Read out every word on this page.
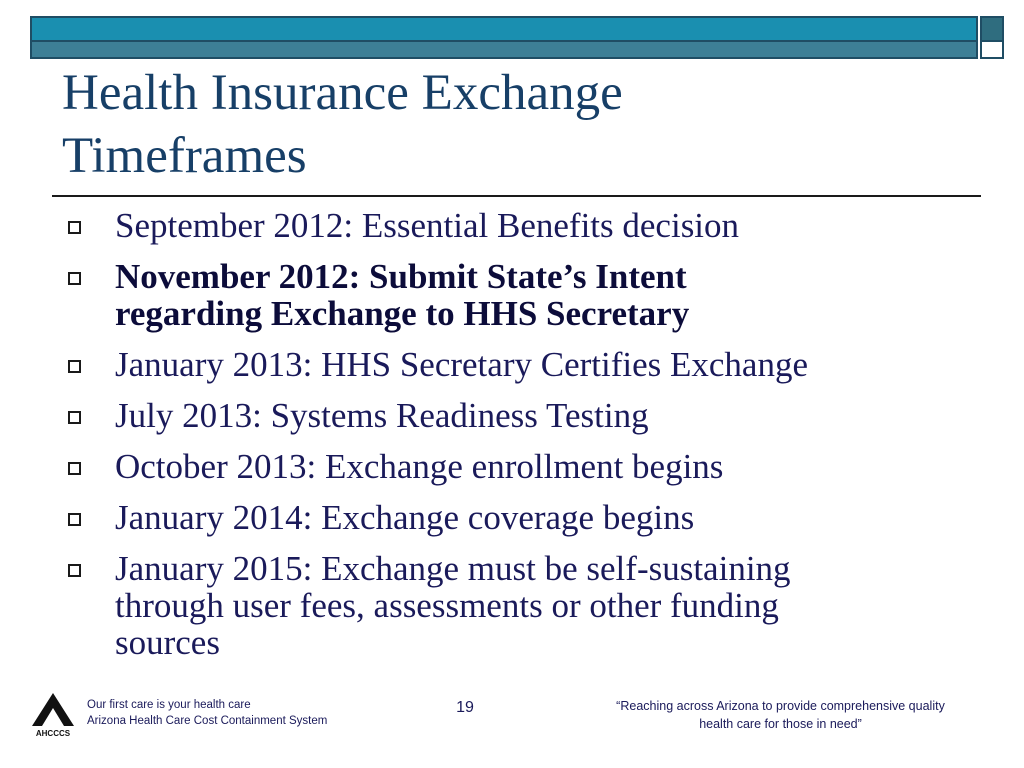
Health Insurance Exchange
Timeframes
September 2012: Essential Benefits decision
November 2012: Submit State’s Intent
regarding Exchange to HHS Secretary
January 2013: HHS Secretary Certifies Exchange
July 2013: Systems Readiness Testing
October 2013: Exchange enrollment begins
January 2014: Exchange coverage begins
January 2015: Exchange must be self-sustaining
through user fees, assessments or other funding
sources
AHCCCS
Our first care is your health care
Arizona Health Care Cost Containment System
19	“Reaching across Arizona to provide comprehensive quality
health care for those in need”
